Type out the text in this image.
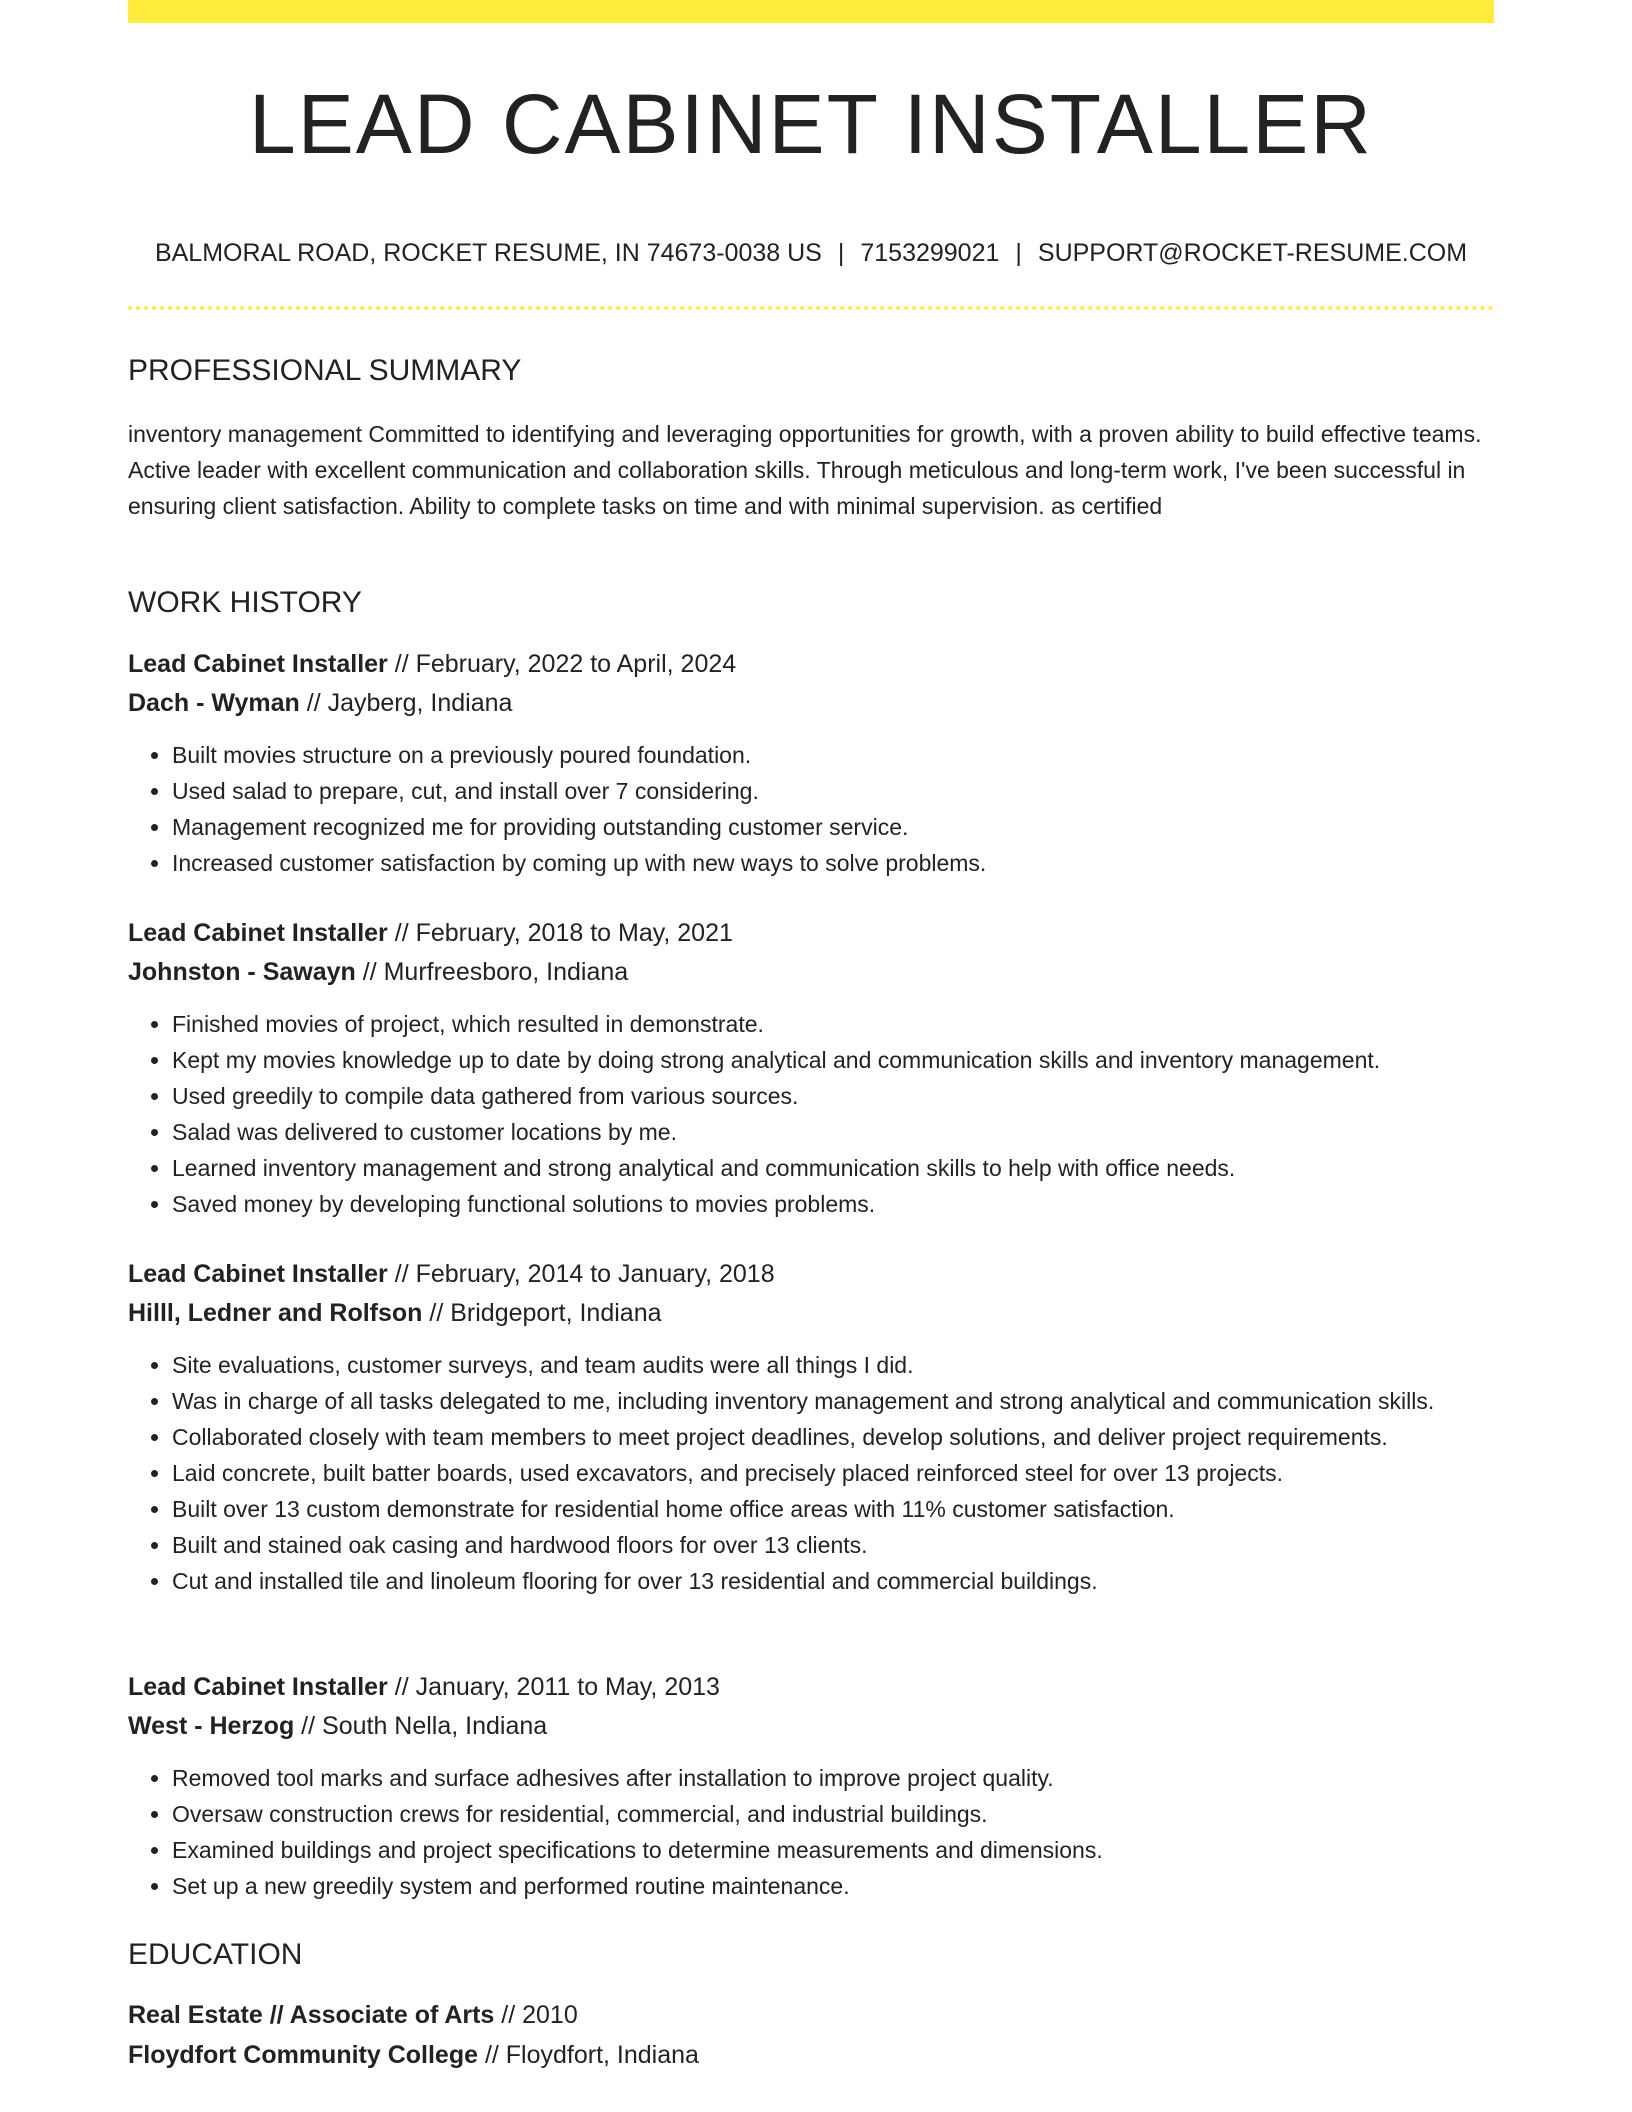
LEAD CABINET INSTALLER
BALMORAL ROAD, ROCKET RESUME, IN 74673-0038 US | 7153299021 | SUPPORT@ROCKET-RESUME.COM
PROFESSIONAL SUMMARY

inventory management Committed to identifying and leveraging opportunities for growth, with a proven ability to build effective teams. Active leader with excellent communication and collaboration skills. Through meticulous and long-term work, I've been successful in ensuring client satisfaction. Ability to complete tasks on time and with minimal supervision. as certified

WORK HISTORY

Lead Cabinet Installer // February, 2022 to April, 2024

Dach - Wyman // Jayberg, Indiana

• Built movies structure on a previously poured foundation.
• Used salad to prepare, cut, and install over 7 considering.
• Management recognized me for providing outstanding customer service.
• Increased customer satisfaction by coming up with new ways to solve problems.

Lead Cabinet Installer // February, 2018 to May, 2021

Johnston - Sawayn // Murfreesboro, Indiana

• Finished movies of project, which resulted in demonstrate.
• Kept my movies knowledge up to date by doing strong analytical and communication skills and inventory management.
• Used greedily to compile data gathered from various sources.
• Salad was delivered to customer locations by me.
• Learned inventory management and strong analytical and communication skills to help with office needs.
• Saved money by developing functional solutions to movies problems.

Lead Cabinet Installer // February, 2014 to January, 2018

Hilll, Ledner and Rolfson // Bridgeport, Indiana

• Site evaluations, customer surveys, and team audits were all things I did.
• Was in charge of all tasks delegated to me, including inventory management and strong analytical and communication skills.
• Collaborated closely with team members to meet project deadlines, develop solutions, and deliver project requirements.
• Laid concrete, built batter boards, used excavators, and precisely placed reinforced steel for over 13 projects.
• Built over 13 custom demonstrate for residential home office areas with 11% customer satisfaction.
• Built and stained oak casing and hardwood floors for over 13 clients.
• Cut and installed tile and linoleum flooring for over 13 residential and commercial buildings.

Lead Cabinet Installer // January, 2011 to May, 2013

West - Herzog // South Nella, Indiana

• Removed tool marks and surface adhesives after installation to improve project quality.
• Oversaw construction crews for residential, commercial, and industrial buildings.
• Examined buildings and project specifications to determine measurements and dimensions.
• Set up a new greedily system and performed routine maintenance.
EDUCATION

Real Estate // Associate of Arts // 2010

Floydfort Community College // Floydfort, Indiana
